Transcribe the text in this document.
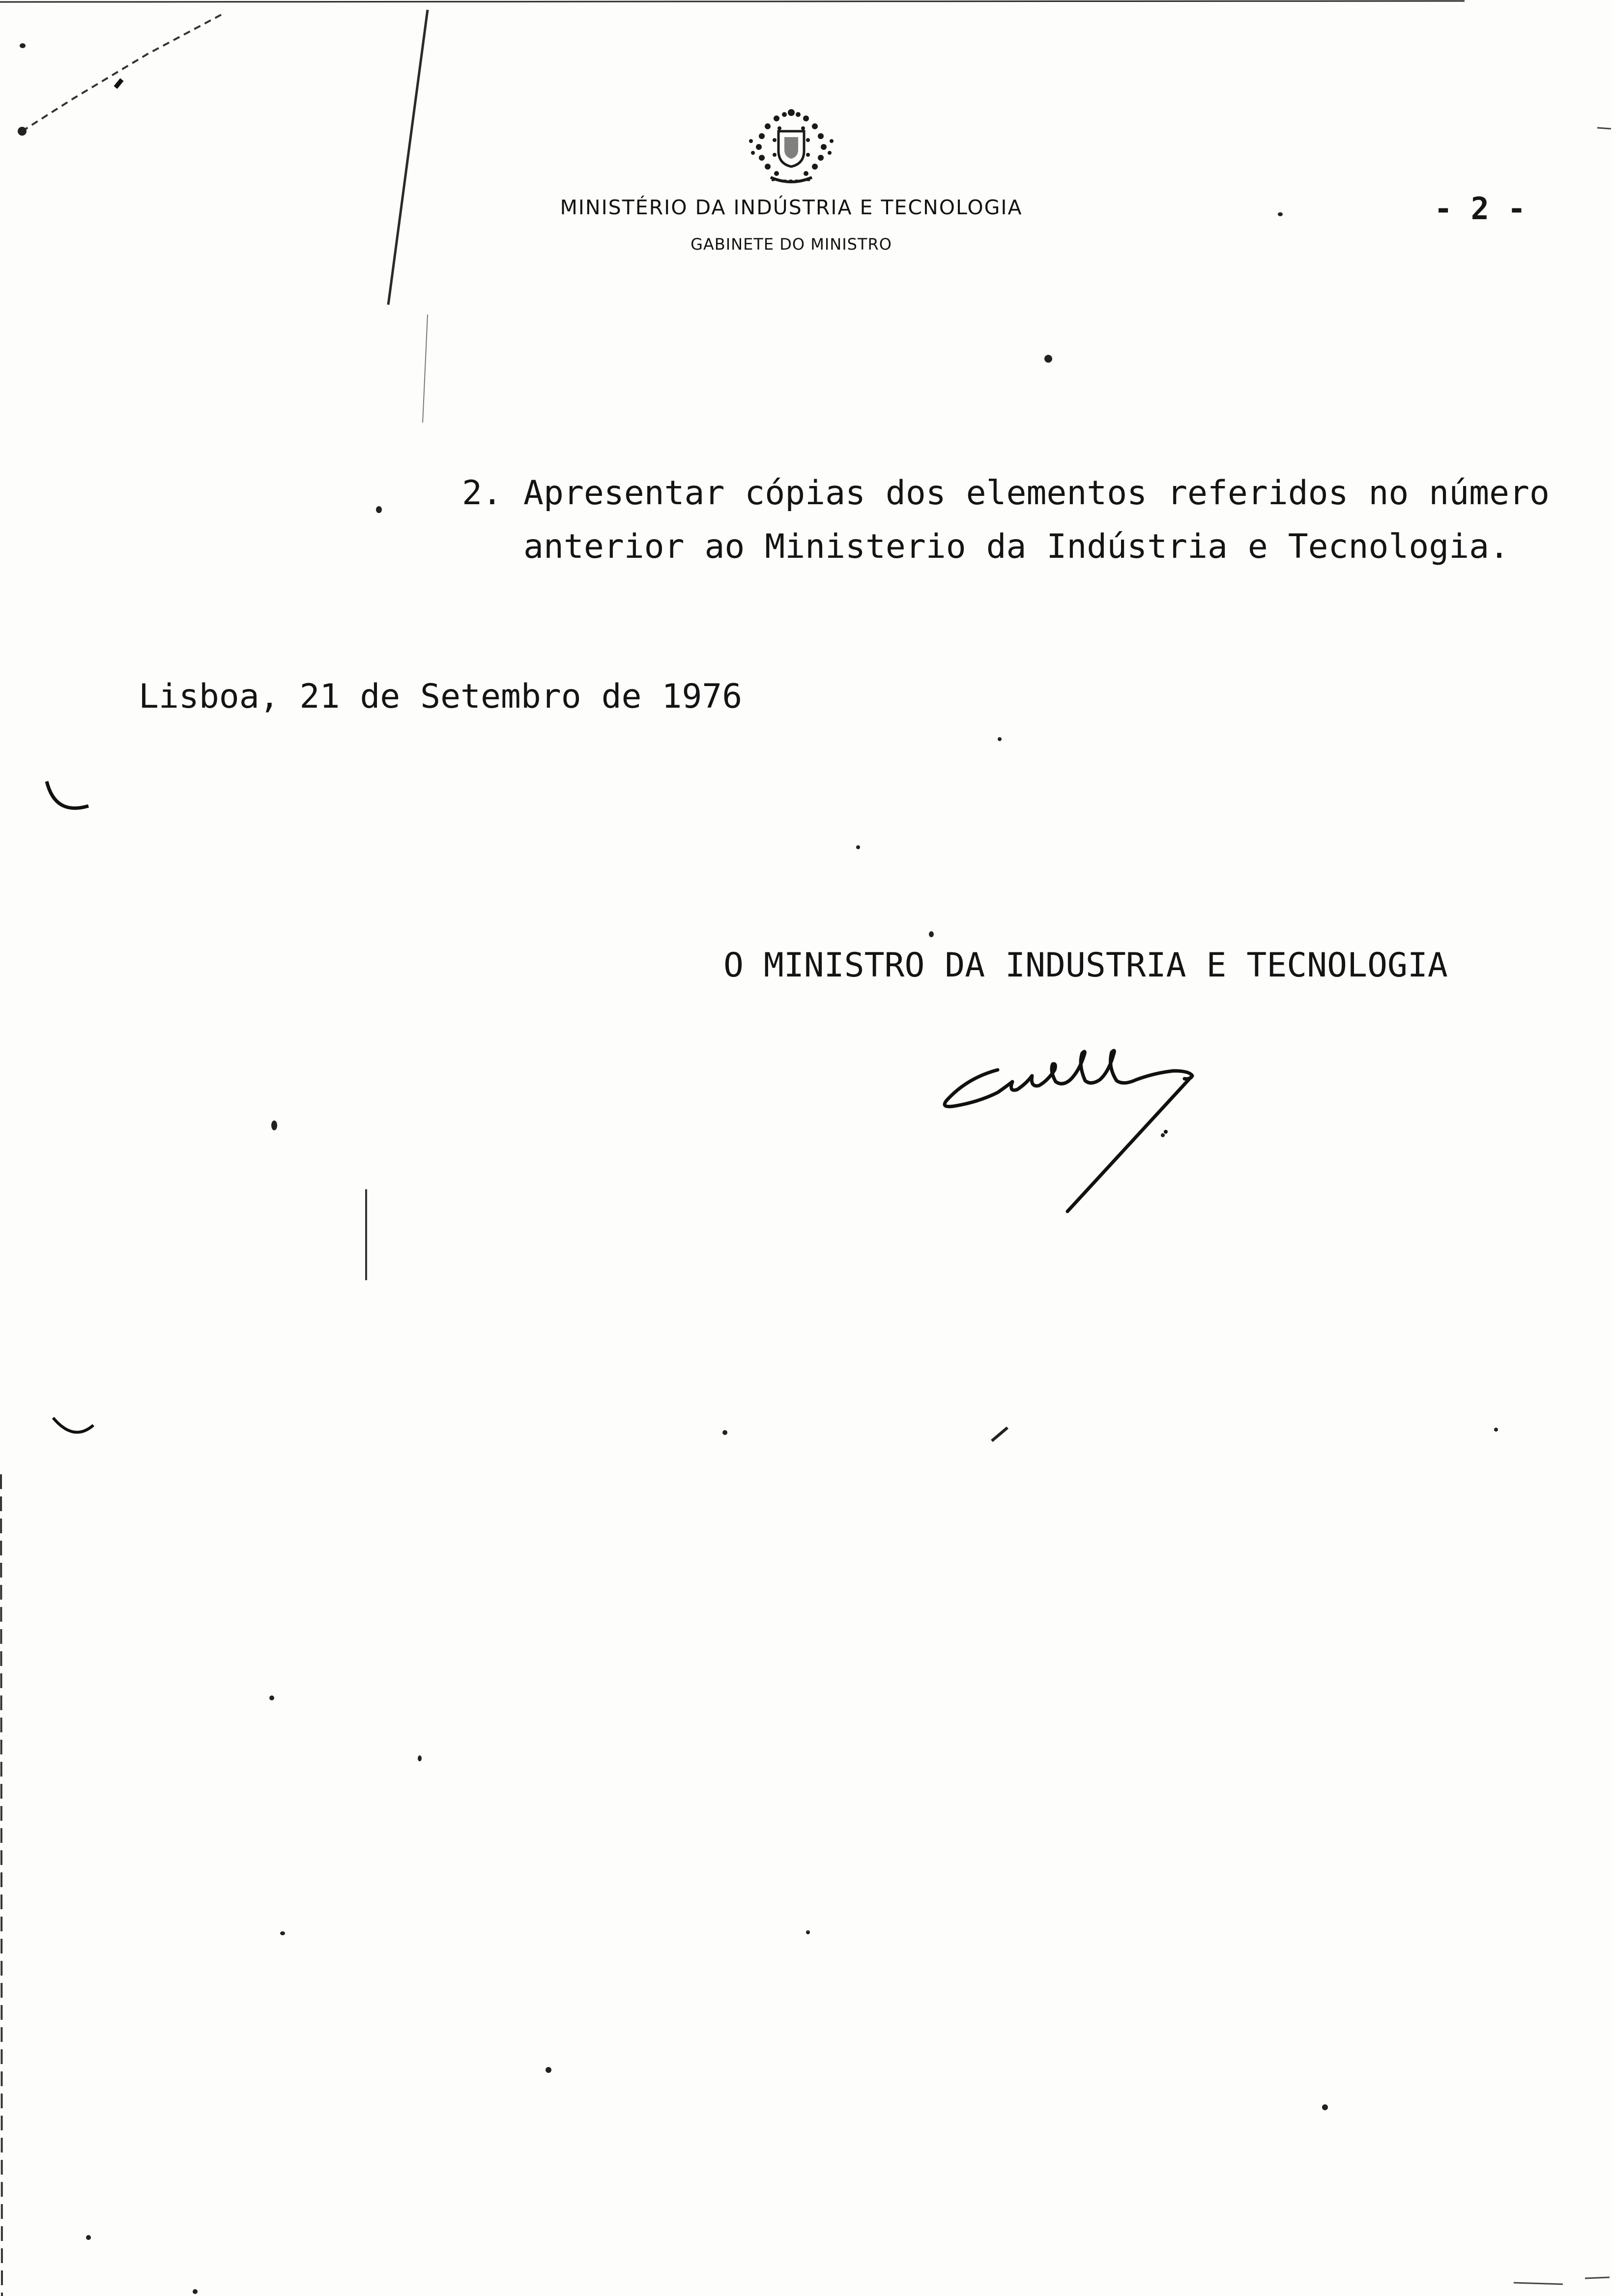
MINISTÉRIO DA INDÚSTRIA E TECNOLOGIA
GABINETE DO MINISTRO
- 2 -
2. Apresentar cópias dos elementos referidos no número
anterior ao Ministerio da Indústria e Tecnologia.
Lisboa, 21 de Setembro de 1976
O MINISTRO DA INDUSTRIA E TECNOLOGIA
